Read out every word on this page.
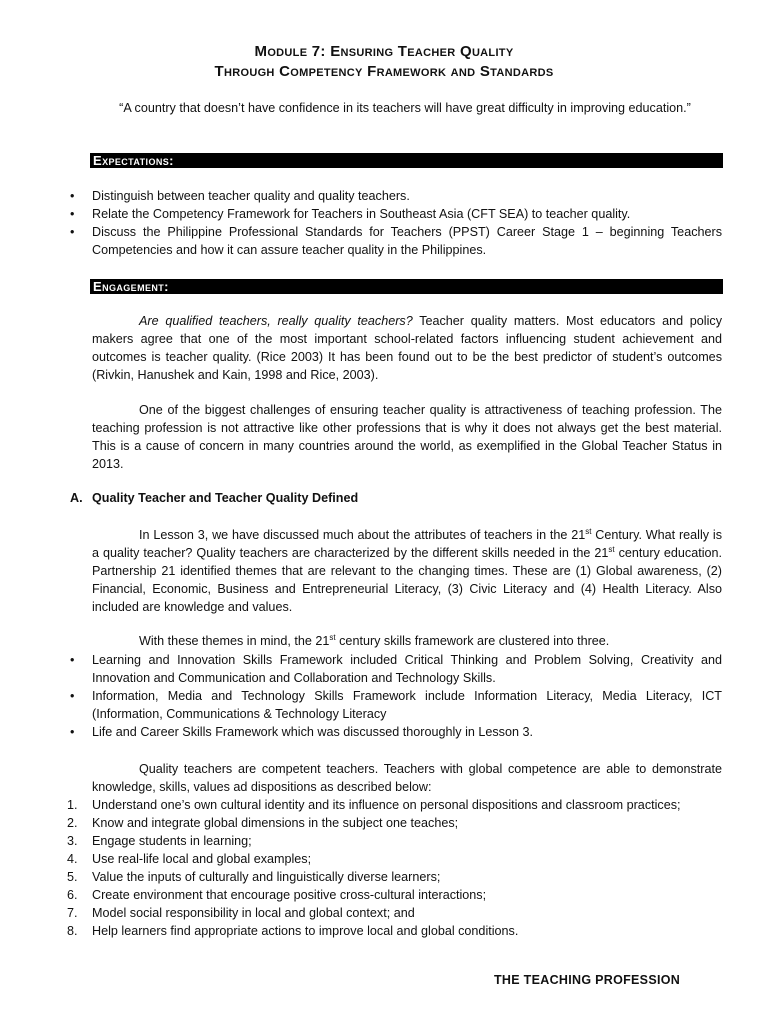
Module 7: Ensuring Teacher Quality
Through Competency Framework and Standards
“A country that doesn’t have confidence in its teachers will have great difficulty in improving education.”
Expectations:
• Distinguish between teacher quality and quality teachers.
• Relate the Competency Framework for Teachers in Southeast Asia (CFT SEA) to teacher quality.
• Discuss the Philippine Professional Standards for Teachers (PPST) Career Stage 1 – beginning Teachers Competencies and how it can assure teacher quality in the Philippines.
Engagement:

Are qualified teachers, really quality teachers? Teacher quality matters. Most educators and policy makers agree that one of the most important school-related factors influencing student achievement and outcomes is teacher quality. (Rice 2003) It has been found out to be the best predictor of student’s outcomes (Rivkin, Hanushek and Kain, 1998 and Rice, 2003).

One of the biggest challenges of ensuring teacher quality is attractiveness of teaching profession. The teaching profession is not attractive like other professions that is why it does not always get the best material. This is a cause of concern in many countries around the world, as exemplified in the Global Teacher Status in 2013.

A. Quality Teacher and Teacher Quality Defined

In Lesson 3, we have discussed much about the attributes of teachers in the 21st Century. What really is a quality teacher? Quality teachers are characterized by the different skills needed in the 21st century education. Partnership 21 identified themes that are relevant to the changing times. These are (1) Global awareness, (2) Financial, Economic, Business and Entrepreneurial Literacy, (3) Civic Literacy and (4) Health Literacy. Also included are knowledge and values.

With these themes in mind, the 21st century skills framework are clustered into three.

• Learning and Innovation Skills Framework included Critical Thinking and Problem Solving, Creativity and Innovation and Communication and Collaboration and Technology Skills.
• Information, Media and Technology Skills Framework include Information Literacy, Media Literacy, ICT (Information, Communications & Technology Literacy
• Life and Career Skills Framework which was discussed thoroughly in Lesson 3.

Quality teachers are competent teachers. Teachers with global competence are able to demonstrate knowledge, skills, values ad dispositions as described below:

1. Understand one’s own cultural identity and its influence on personal dispositions and classroom practices;
2. Know and integrate global dimensions in the subject one teaches;
3. Engage students in learning;
4. Use real-life local and global examples;
5. Value the inputs of culturally and linguistically diverse learners;
6. Create environment that encourage positive cross-cultural interactions;
7. Model social responsibility in local and global context; and
8. Help learners find appropriate actions to improve local and global conditions.
THE TEACHING PROFESSION
